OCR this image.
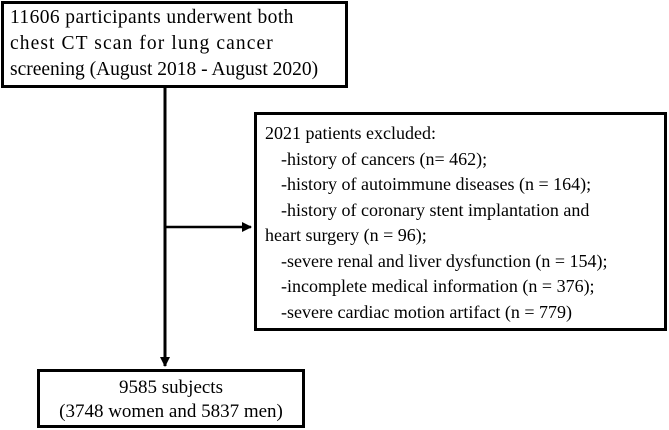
11606 participants underwent both
chest CT scan for lung cancer
screening (August 2018 - August 2020)
2021 patients excluded:
-history of cancers (n= 462);
-history of autoimmune diseases (n = 164);
-history of coronary stent implantation and
heart surgery (n = 96);
-severe renal and liver dysfunction (n = 154);
-incomplete medical information (n = 376);
-severe cardiac motion artifact (n = 779)
9585 subjects
(3748 women and 5837 men)
